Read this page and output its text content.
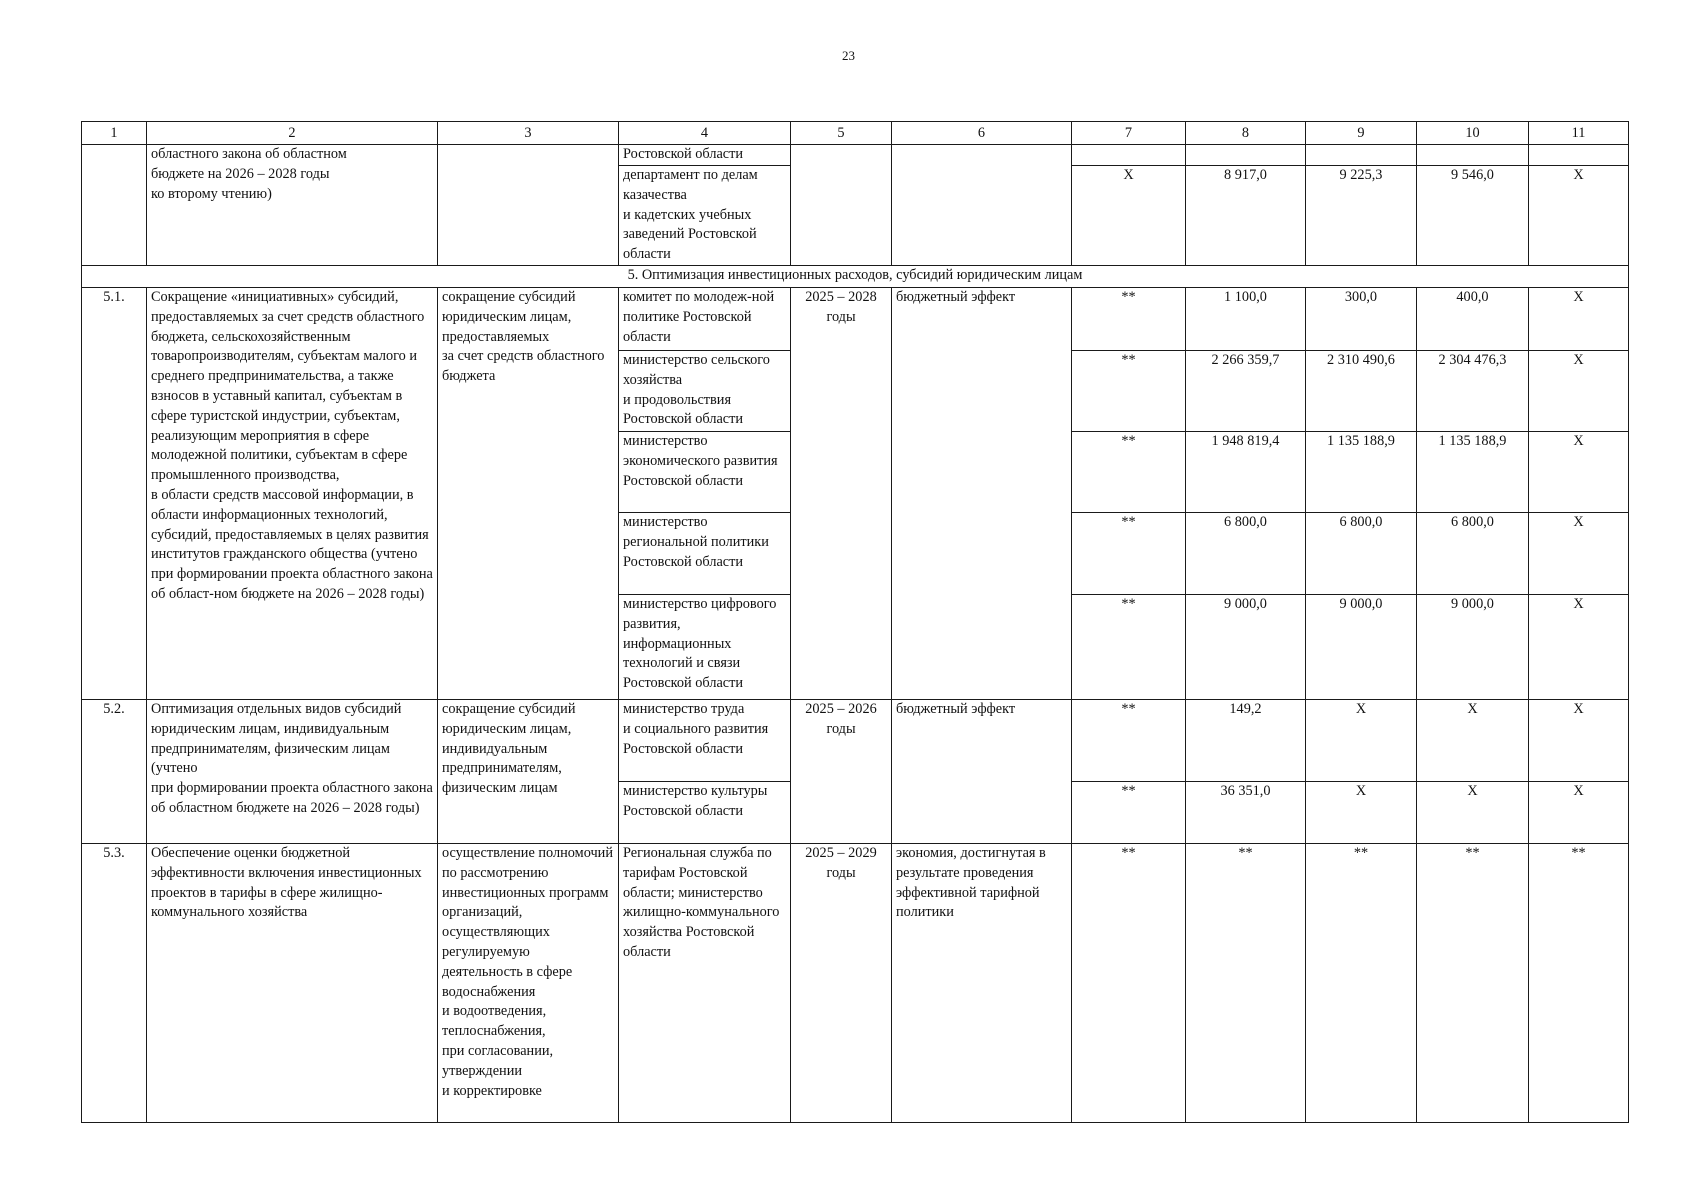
23
1	2	3	4	5	6	7	8	9	10	11
	областного закона об областном
бюджете на 2026 – 2028 годы
ко второму чтению)		Ростовской области							
			департамент по делам казачества
и кадетских учебных заведений Ростовской области			Х	8 917,0	9 225,3	9 546,0	Х
5. Оптимизация инвестиционных расходов, субсидий юридическим лицам										
5.1.	Сокращение «инициативных» субсидий, предоставляемых за счет средств областного бюджета, сельскохозяйственным товаропроизводителям, субъектам малого и среднего предпринимательства, а также взносов в уставный капитал, субъектам в сфере туристской индустрии, субъектам, реализующим мероприятия в сфере молодежной политики, субъектам в сфере промышленного производства,
в области средств массовой информации, в области информационных технологий, субсидий, предоставляемых в целях развития институтов гражданского общества (учтено при формировании проекта областного закона об област-ном бюджете на 2026 – 2028 годы)	сокращение субсидий юридическим лицам, предоставляемых
за счет средств областного бюджета	комитет по молодеж-ной политике Ростовской области	2025 – 2028 годы	бюджетный эффект	**	1 100,0	300,0	400,0	Х
			министерство сельского хозяйства
и продовольствия Ростовской области			**	2 266 359,7	2 310 490,6	2 304 476,3	Х
			министерство экономического развития Ростовской области			**	1 948 819,4	1 135 188,9	1 135 188,9	Х
			министерство региональной политики Ростовской области			**	6 800,0	6 800,0	6 800,0	Х
			министерство цифрового развития, информационных технологий и связи Ростовской области			**	9 000,0	9 000,0	9 000,0	Х
5.2.	Оптимизация отдельных видов субсидий юридическим лицам, индивидуальным предпринимателям, физическим лицам (учтено
при формировании проекта областного закона об областном бюджете на 2026 – 2028 годы)	сокращение субсидий юридическим лицам, индивидуальным предпринимателям, физическим лицам	министерство труда
и социального развития Ростовской области	2025 – 2026 годы	бюджетный эффект	**	149,2	Х	Х	Х
			министерство культуры Ростовской области			**	36 351,0	Х	Х	Х
5.3.	Обеспечение оценки бюджетной эффективности включения инвестиционных проектов в тарифы в сфере жилищно-коммунального хозяйства	осуществление полномочий
по рассмотрению инвестиционных программ организаций, осуществляющих регулируемую деятельность в сфере водоснабжения
и водоотведения, теплоснабжения,
при согласовании, утверждении
и корректировке	Региональная служба по тарифам Ростовской области; министерство жилищно-коммунального хозяйства Ростовской области	2025 – 2029 годы	экономия, достигнутая в результате проведения эффективной тарифной политики	**	**	**	**	**
